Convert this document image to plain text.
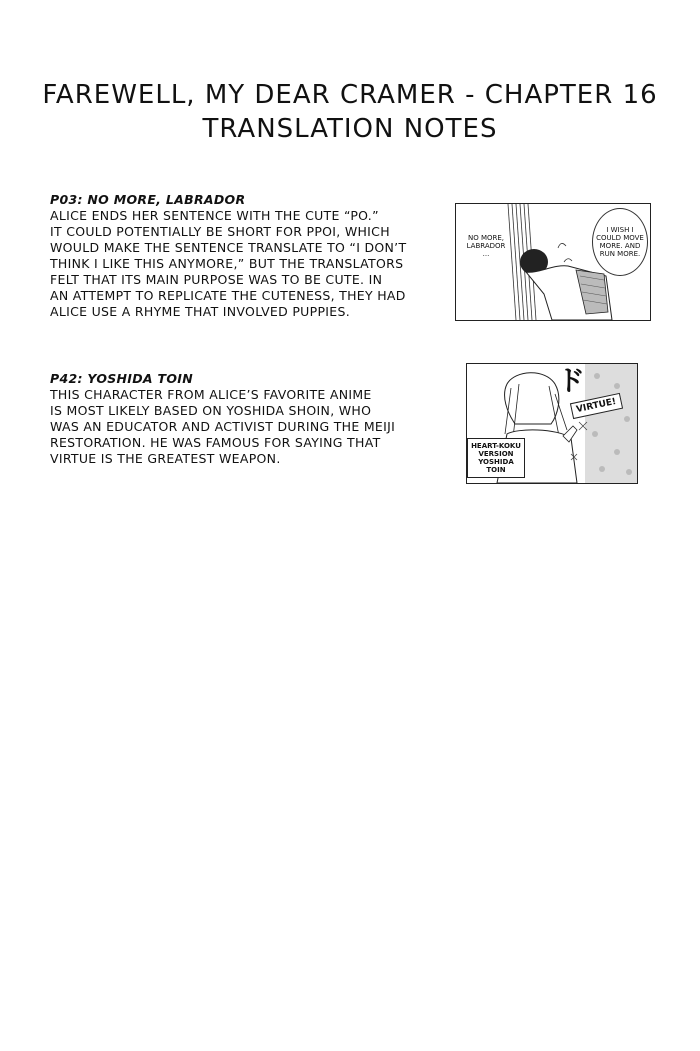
FAREWELL, MY DEAR CRAMER - CHAPTER 16
TRANSLATION NOTES
P03: NO MORE, LABRADOR
ALICE ENDS HER SENTENCE WITH THE CUTE “PO.”
IT COULD POTENTIALLY BE SHORT FOR PPOI, WHICH
WOULD MAKE THE SENTENCE TRANSLATE TO “I DON’T
THINK I LIKE THIS ANYMORE,” BUT THE TRANSLATORS
FELT THAT ITS MAIN PURPOSE WAS TO BE CUTE. IN
AN ATTEMPT TO REPLICATE THE CUTENESS, THEY HAD
ALICE USE A RHYME THAT INVOLVED PUPPIES.
NO MORE,
LABRADOR
...
I WISH I
COULD MOVE
MORE. AND
RUN MORE.
P42: YOSHIDA TOIN
THIS CHARACTER FROM ALICE’S FAVORITE ANIME
IS MOST LIKELY BASED ON YOSHIDA SHOIN, WHO
WAS AN EDUCATOR AND ACTIVIST DURING THE MEIJI
RESTORATION. HE WAS FAMOUS FOR SAYING THAT
VIRTUE IS THE GREATEST WEAPON.
ド
VIRTUE!
HEART-KOKU
VERSION
YOSHIDA TOIN
